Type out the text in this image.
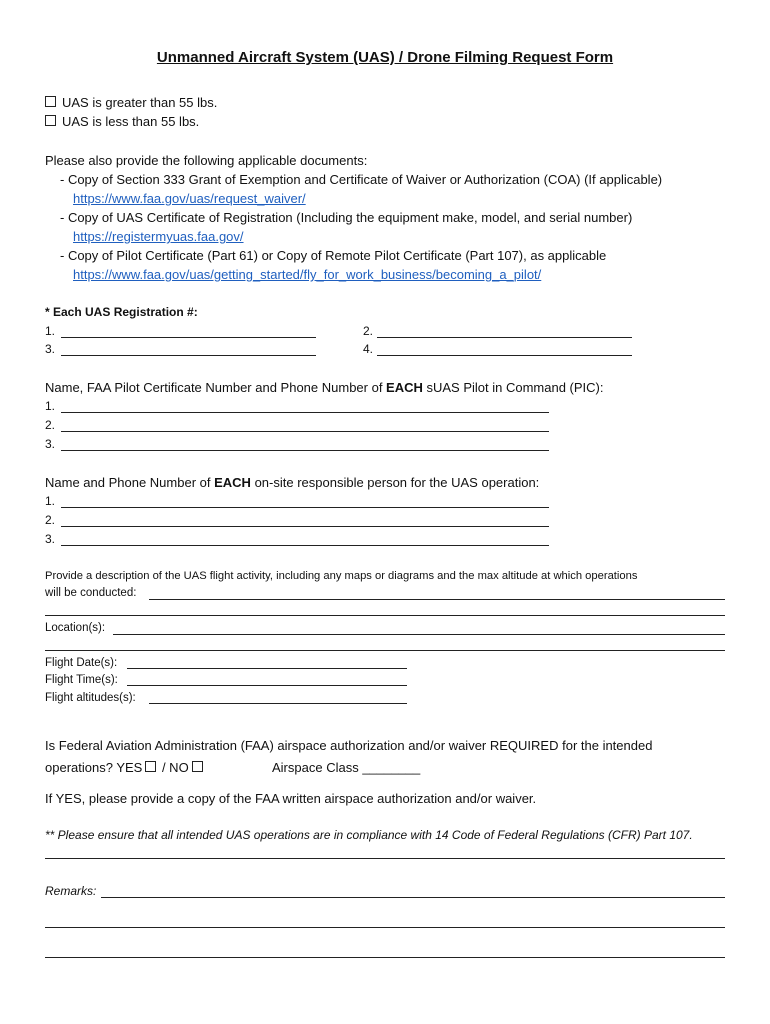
Unmanned Aircraft System (UAS) / Drone Filming Request Form
UAS is greater than 55 lbs.
UAS is less than 55 lbs.
Please also provide the following applicable documents:
- Copy of Section 333 Grant of Exemption and Certificate of Waiver or Authorization (COA) (If applicable)
https://www.faa.gov/uas/request_waiver/
- Copy of UAS Certificate of Registration (Including the equipment make, model, and serial number)
https://registermyuas.faa.gov/
- Copy of Pilot Certificate (Part 61) or Copy of Remote Pilot Certificate (Part 107), as applicable
https://www.faa.gov/uas/getting_started/fly_for_work_business/becoming_a_pilot/
* Each UAS Registration #:
1.	2.
3.	4.
Name, FAA Pilot Certificate Number and Phone Number of EACH sUAS Pilot in Command (PIC):
1.
2.
3.
Name and Phone Number of EACH on-site responsible person for the UAS operation:
1.
2.
3.
Provide a description of the UAS flight activity, including any maps or diagrams and the max altitude at which operations
will be conducted:
Location(s):
Flight Date(s):
Flight Time(s):
Flight altitudes(s):
Is Federal Aviation Administration (FAA) airspace authorization and/or waiver REQUIRED for the intended
operations? YES / NO	Airspace Class ________
If YES, please provide a copy of the FAA written airspace authorization and/or waiver.
** Please ensure that all intended UAS operations are in compliance with 14 Code of Federal Regulations (CFR) Part 107.
Remarks:
